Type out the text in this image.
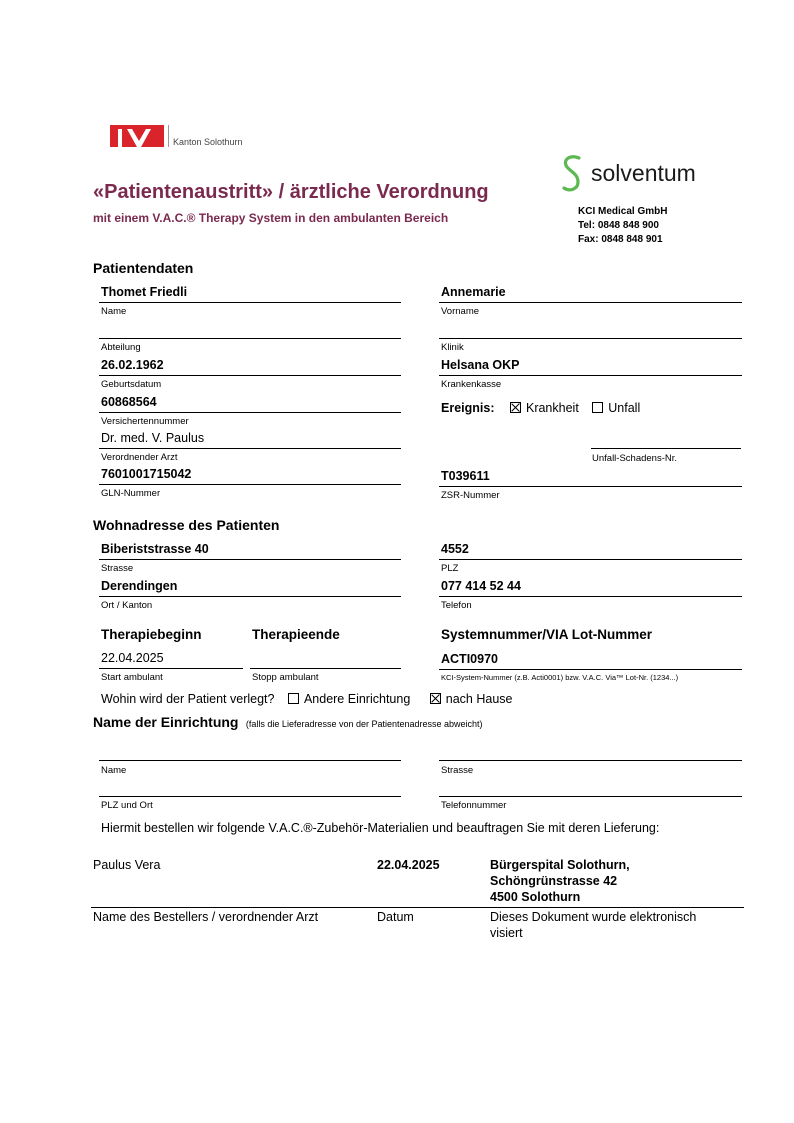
Kanton Solothurn
«Patientenaustritt» / ärztliche Verordnung
mit einem V.A.C.® Therapy System in den ambulanten Bereich
solventum
KCI Medical GmbH
Tel: 0848 848 900
Fax: 0848 848 901
Patientendaten
Thomet Friedli
Name
Annemarie
Vorname
Abteilung	Klinik
26.02.1962
Geburtsdatum
Helsana OKP
Krankenkasse
60868564
Versichertennummer
Ereignis:	Krankheit Unfall
Dr. med. V. Paulus
Verordnender Arzt	Unfall-Schadens-Nr.
7601001715042
GLN-Nummer
T039611
ZSR-Nummer
Wohnadresse des Patienten
Biberiststrasse 40
Strasse
4552
PLZ
Derendingen
Ort / Kanton
077 414 52 44
Telefon
Therapiebeginn	Therapieende	Systemnummer/VIA Lot-Nummer
22.04.2025
Start ambulant	Stopp ambulant
ACTI0970
KCI-System-Nummer (z.B. Acti0001) bzw. V.A.C. Via™ Lot-Nr. (1234...)
Wohin wird der Patient verlegt? Andere Einrichtung	nach Hause
Name der Einrichtung (falls die Lieferadresse von der Patientenadresse abweicht)
Name	Strasse
PLZ und Ort	Telefonnummer
Hiermit bestellen wir folgende V.A.C.®-Zubehör-Materialien und beauftragen Sie mit deren Lieferung:
Paulus Vera	22.04.2025	Bürgerspital Solothurn,
Schöngrünstrasse 42
4500 Solothurn
Name des Bestellers / verordnender Arzt	Datum	Dieses Dokument wurde elektronisch
visiert
